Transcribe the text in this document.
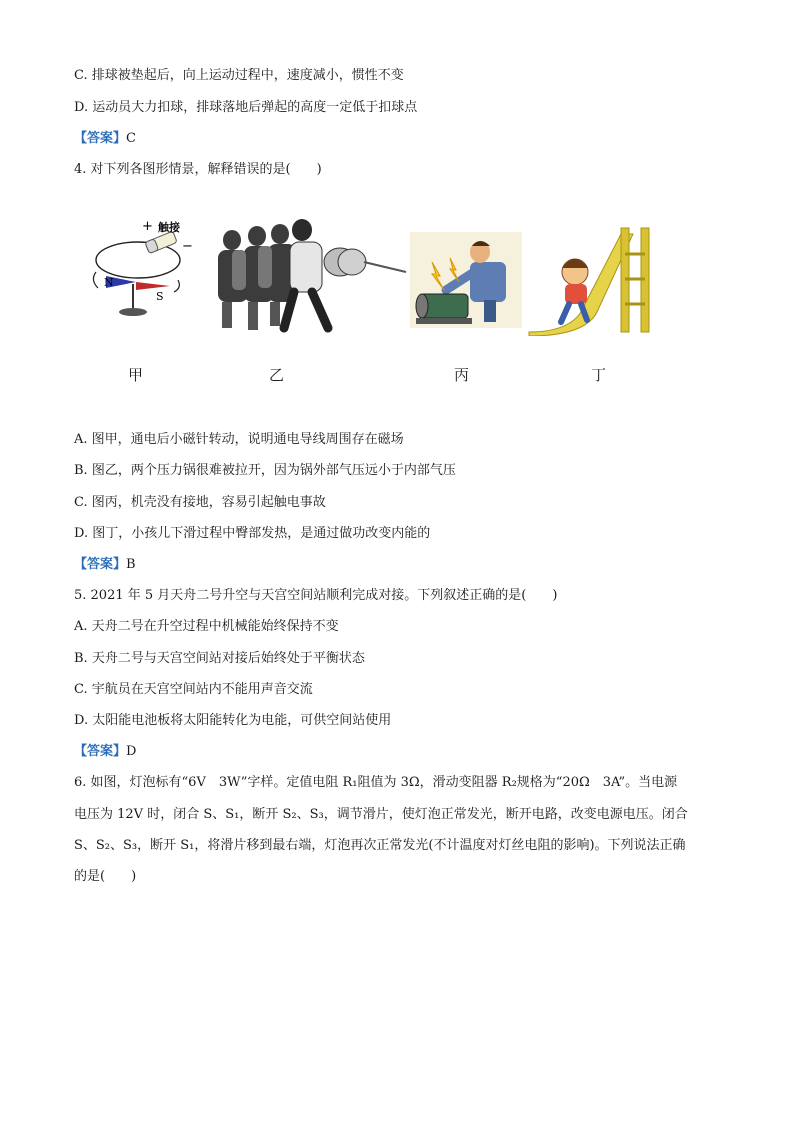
C. 排球被垫起后，向上运动过程中，速度减小，惯性不变
D. 运动员大力扣球，排球落地后弹起的高度一定低于扣球点
【答案】C
4. 对下列各图形情景，解释错误的是(　　)
+ 触接
−
N
S
甲	乙	丙	丁
A. 图甲，通电后小磁针转动，说明通电导线周围存在磁场
B. 图乙，两个压力锅很难被拉开，因为锅外部气压远小于内部气压
C. 图丙，机壳没有接地，容易引起触电事故
D. 图丁，小孩儿下滑过程中臀部发热，是通过做功改变内能的
【答案】B
5. 2021 年 5 月天舟二号升空与天宫空间站顺利完成对接。下列叙述正确的是(　　)
A. 天舟二号在升空过程中机械能始终保持不变
B. 天舟二号与天宫空间站对接后始终处于平衡状态
C. 宇航员在天宫空间站内不能用声音交流
D. 太阳能电池板将太阳能转化为电能，可供空间站使用
【答案】D
6. 如图，灯泡标有“6V　3W”字样。定值电阻 R₁阻值为 3Ω，滑动变阻器 R₂规格为“20Ω　3A”。当电源
电压为 12V 时，闭合 S、S₁，断开 S₂、S₃，调节滑片，使灯泡正常发光，断开电路，改变电源电压。闭合
S、S₂、S₃，断开 S₁，将滑片移到最右端，灯泡再次正常发光(不计温度对灯丝电阻的影响)。下列说法正确
的是(　　)
